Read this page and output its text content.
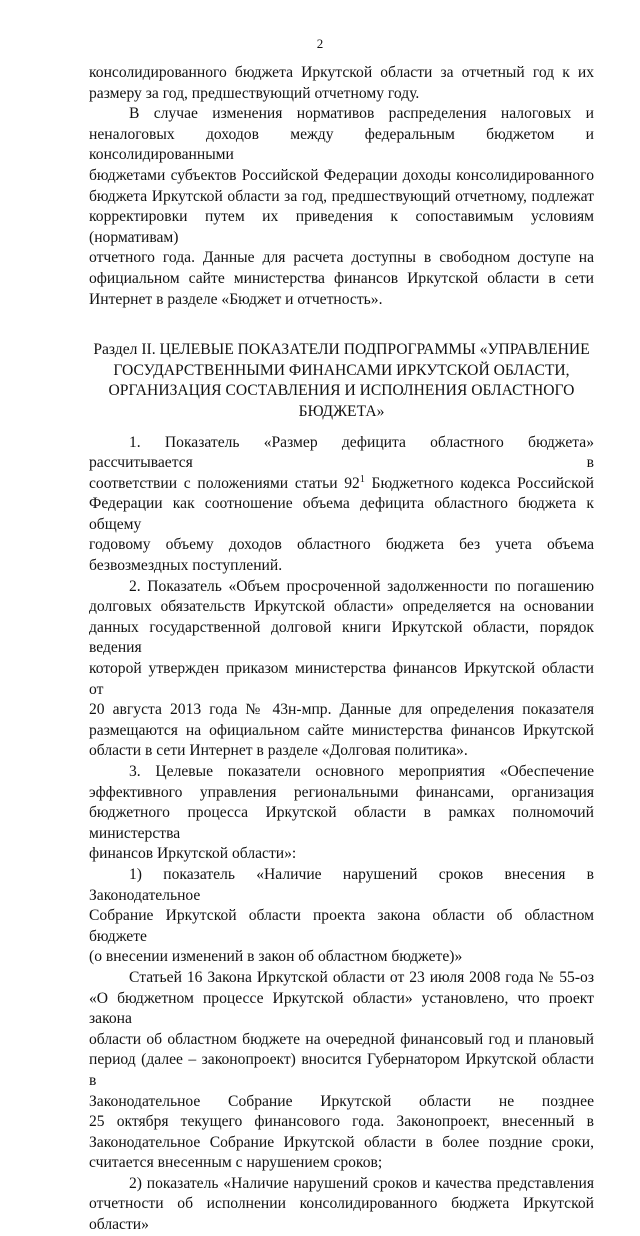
2

консолидированного бюджета Иркутской области за отчетный год к их

размеру за год, предшествующий отчетному году.

В случае изменения нормативов распределения налоговых и

неналоговых доходов между федеральным бюджетом и консолидированными

бюджетами субъектов Российской Федерации доходы консолидированного

бюджета Иркутской области за год, предшествующий отчетному, подлежат

корректировки путем их приведения к сопоставимым условиям (нормативам)

отчетного года. Данные для расчета доступны в свободном доступе на

официальном сайте министерства финансов Иркутской области в сети

Интернет в разделе «Бюджет и отчетность».

Раздел II. ЦЕЛЕВЫЕ ПОКАЗАТЕЛИ ПОДПРОГРАММЫ «УПРАВЛЕНИЕ
ГОСУДАРСТВЕННЫМИ ФИНАНСАМИ ИРКУТСКОЙ ОБЛАСТИ,
ОРГАНИЗАЦИЯ СОСТАВЛЕНИЯ И ИСПОЛНЕНИЯ ОБЛАСТНОГО
БЮДЖЕТА»

1. Показатель «Размер дефицита областного бюджета» рассчитывается в

соответствии с положениями статьи $92^1$ Бюджетного кодекса Российской

Федерации как соотношение объема дефицита областного бюджета к общему

годовому объему доходов областного бюджета без учета объема

безвозмездных поступлений.

2. Показатель «Объем просроченной задолженности по погашению

долговых обязательств Иркутской области» определяется на основании

данных государственной долговой книги Иркутской области, порядок ведения

которой утвержден приказом министерства финансов Иркутской области от

20 августа 2013 года № 43н-мпр. Данные для определения показателя

размещаются на официальном сайте министерства финансов Иркутской

области в сети Интернет в разделе «Долговая политика».

3. Целевые показатели основного мероприятия «Обеспечение

эффективного управления региональными финансами, организация

бюджетного процесса Иркутской области в рамках полномочий министерства

финансов Иркутской области»:

1) показатель «Наличие нарушений сроков внесения в Законодательное

Собрание Иркутской области проекта закона области об областном бюджете

(о внесении изменений в закон об областном бюджете)»

Статьей 16 Закона Иркутской области от 23 июля 2008 года № 55-оз

«О бюджетном процессе Иркутской области» установлено, что проект закона

области об областном бюджете на очередной финансовый год и плановый

период (далее – законопроект) вносится Губернатором Иркутской области в

Законодательное Собрание Иркутской области не позднее

25 октября текущего финансового года. Законопроект, внесенный в

Законодательное Собрание Иркутской области в более поздние сроки,

считается внесенным с нарушением сроков;

2) показатель «Наличие нарушений сроков и качества представления

отчетности об исполнении консолидированного бюджета Иркутской области»
